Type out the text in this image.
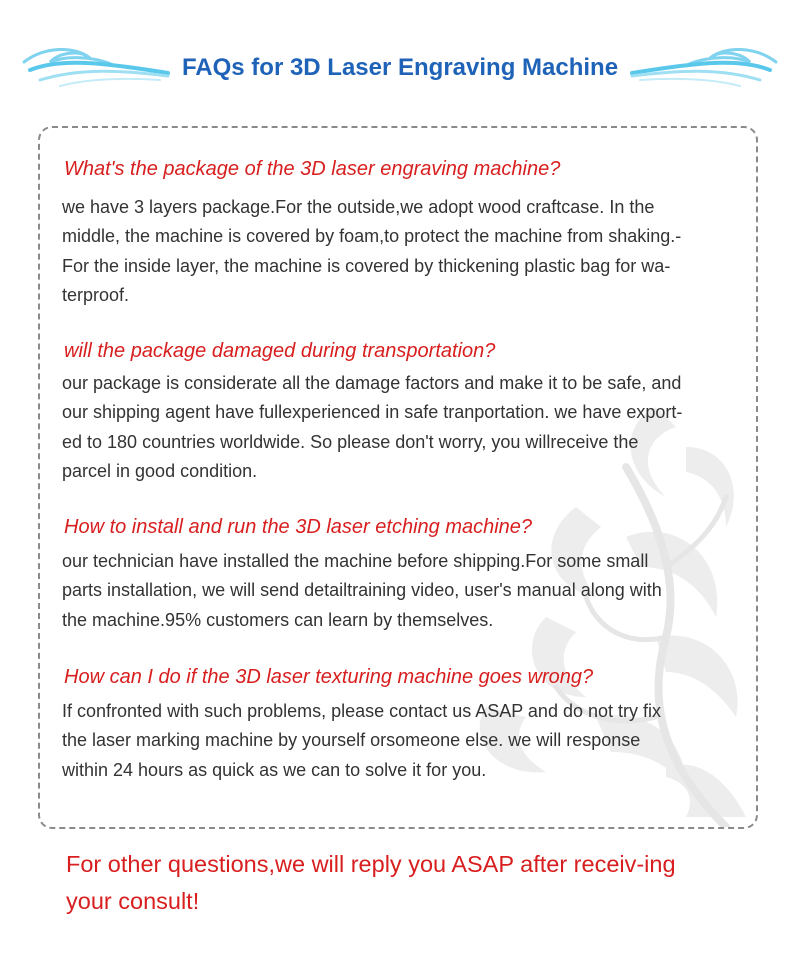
FAQs for 3D Laser Engraving Machine
What's the package of the 3D laser engraving machine?
we have 3 layers package.For the outside,we adopt wood craftcase. In the
middle, the machine is covered by foam,to protect the machine from shaking.-
For the inside layer, the machine is covered by thickening plastic bag for wa-
terproof.
will the package damaged during transportation?
our package is considerate all the damage factors and make it to be safe, and
our shipping agent have fullexperienced in safe tranportation. we have export-
ed to 180 countries worldwide. So please don't worry, you willreceive the
parcel in good condition.
How to install and run the 3D laser etching machine?
our technician have installed the machine before shipping.For some small
parts installation, we will send detailtraining video, user's manual along with
the machine.95% customers can learn by themselves.
How can I do if the 3D laser texturing machine goes wrong?
If confronted with such problems, please contact us ASAP and do not try fix
the laser marking machine by yourself orsomeone else. we will response
within 24 hours as quick as we can to solve it for you.
For other questions,we will reply you ASAP after receiv-ing
your consult!
